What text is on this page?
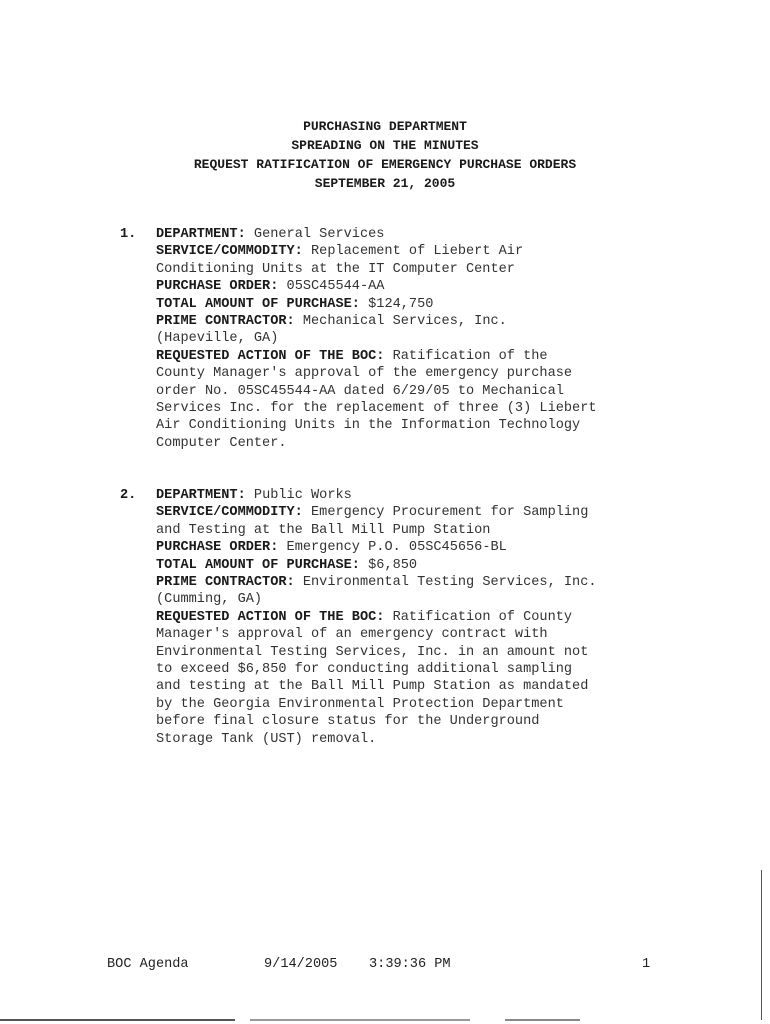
PURCHASING DEPARTMENT
SPREADING ON THE MINUTES
REQUEST RATIFICATION OF EMERGENCY PURCHASE ORDERS
SEPTEMBER 21, 2005
1. DEPARTMENT: General Services
SERVICE/COMMODITY: Replacement of Liebert Air
Conditioning Units at the IT Computer Center
PURCHASE ORDER: 05SC45544-AA
TOTAL AMOUNT OF PURCHASE: $124,750
PRIME CONTRACTOR: Mechanical Services, Inc.
(Hapeville, GA)
REQUESTED ACTION OF THE BOC: Ratification of the
County Manager's approval of the emergency purchase
order No. 05SC45544-AA dated 6/29/05 to Mechanical
Services Inc. for the replacement of three (3) Liebert
Air Conditioning Units in the Information Technology
Computer Center.
2. DEPARTMENT: Public Works
SERVICE/COMMODITY: Emergency Procurement for Sampling
and Testing at the Ball Mill Pump Station
PURCHASE ORDER: Emergency P.O. 05SC45656-BL
TOTAL AMOUNT OF PURCHASE: $6,850
PRIME CONTRACTOR: Environmental Testing Services, Inc.
(Cumming, GA)
REQUESTED ACTION OF THE BOC: Ratification of County
Manager's approval of an emergency contract with
Environmental Testing Services, Inc. in an amount not
to exceed $6,850 for conducting additional sampling
and testing at the Ball Mill Pump Station as mandated
by the Georgia Environmental Protection Department
before final closure status for the Underground
Storage Tank (UST) removal.
BOC Agenda	9/14/2005 3:39:36 PM	1
